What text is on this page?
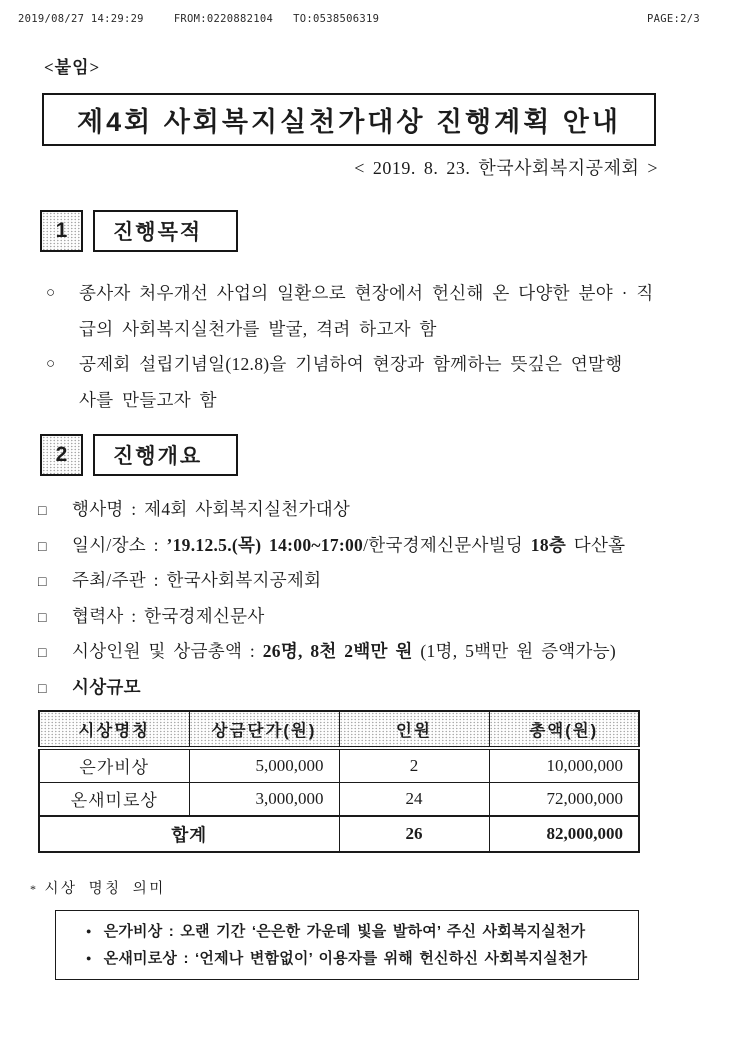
2019/08/27 14:29:29	FROM:0220882104 TO:0538506319	PAGE:2/3
<붙임>
제4회 사회복지실천가대상 진행계획 안내
< 2019. 8. 23. 한국사회복지공제회 >
1	진행목적
○	종사자 처우개선 사업의 일환으로 현장에서 헌신해 온 다양한 분야 · 직
급의 사회복지실천가를 발굴, 격려 하고자 함
○	공제회 설립기념일(12.8)을 기념하여 현장과 함께하는 뜻깊은 연말행
사를 만들고자 함
2	진행개요
□ 행사명 : 제4회 사회복지실천가대상
□ 일시/장소 : ’19.12.5.(목) 14:00~17:00/한국경제신문사빌딩 18층 다산홀
□ 주최/주관 : 한국사회복지공제회
□ 협력사 : 한국경제신문사
□ 시상인원 및 상금총액 : 26명, 8천 2백만 원 (1명, 5백만 원 증액가능)
□ 시상규모
시상명칭	상금단가(원)	인원	총액(원)
은가비상	5,000,000	2	10,000,000
온새미로상	3,000,000	24	72,000,000
합계		26	82,000,000
* 시상 명칭 의미
● 은가비상 : 오랜 기간 ‘은은한 가운데 빛을 발하여’ 주신 사회복지실천가
● 온새미로상 : ‘언제나 변함없이’ 이용자를 위해 헌신하신 사회복지실천가
